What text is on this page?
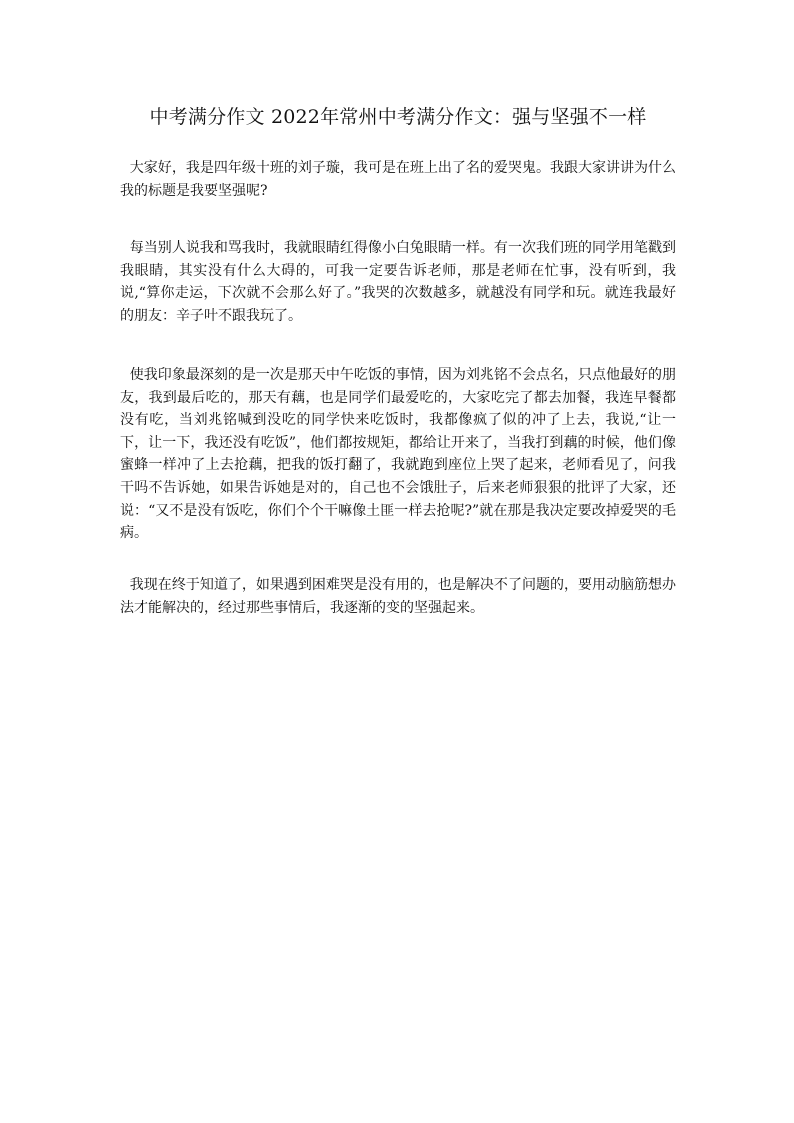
中考满分作文 2022年常州中考满分作文：强与坚强不一样

大家好，我是四年级十班的刘子璇，我可是在班上出了名的爱哭鬼。我跟大家讲讲为什么我的标题是我要坚强呢?

每当别人说我和骂我时，我就眼睛红得像小白兔眼睛一样。有一次我们班的同学用笔戳到我眼睛，其实没有什么大碍的，可我一定要告诉老师，那是老师在忙事，没有听到，我说,“算你走运，下次就不会那么好了。”我哭的次数越多，就越没有同学和玩。就连我最好的朋友：辛子叶不跟我玩了。

使我印象最深刻的是一次是那天中午吃饭的事情，因为刘兆铭不会点名，只点他最好的朋友，我到最后吃的，那天有藕，也是同学们最爱吃的，大家吃完了都去加餐，我连早餐都没有吃，当刘兆铭喊到没吃的同学快来吃饭时，我都像疯了似的冲了上去，我说,“让一下，让一下，我还没有吃饭”，他们都按规矩，都给让开来了，当我打到藕的时候，他们像蜜蜂一样冲了上去抢藕，把我的饭打翻了，我就跑到座位上哭了起来，老师看见了，问我干吗不告诉她，如果告诉她是对的，自己也不会饿肚子，后来老师狠狠的批评了大家，还说：“又不是没有饭吃，你们个个干嘛像土匪一样去抢呢?”就在那是我决定要改掉爱哭的毛病。

我现在终于知道了，如果遇到困难哭是没有用的，也是解决不了问题的，要用动脑筋想办法才能解决的，经过那些事情后，我逐渐的变的坚强起来。
